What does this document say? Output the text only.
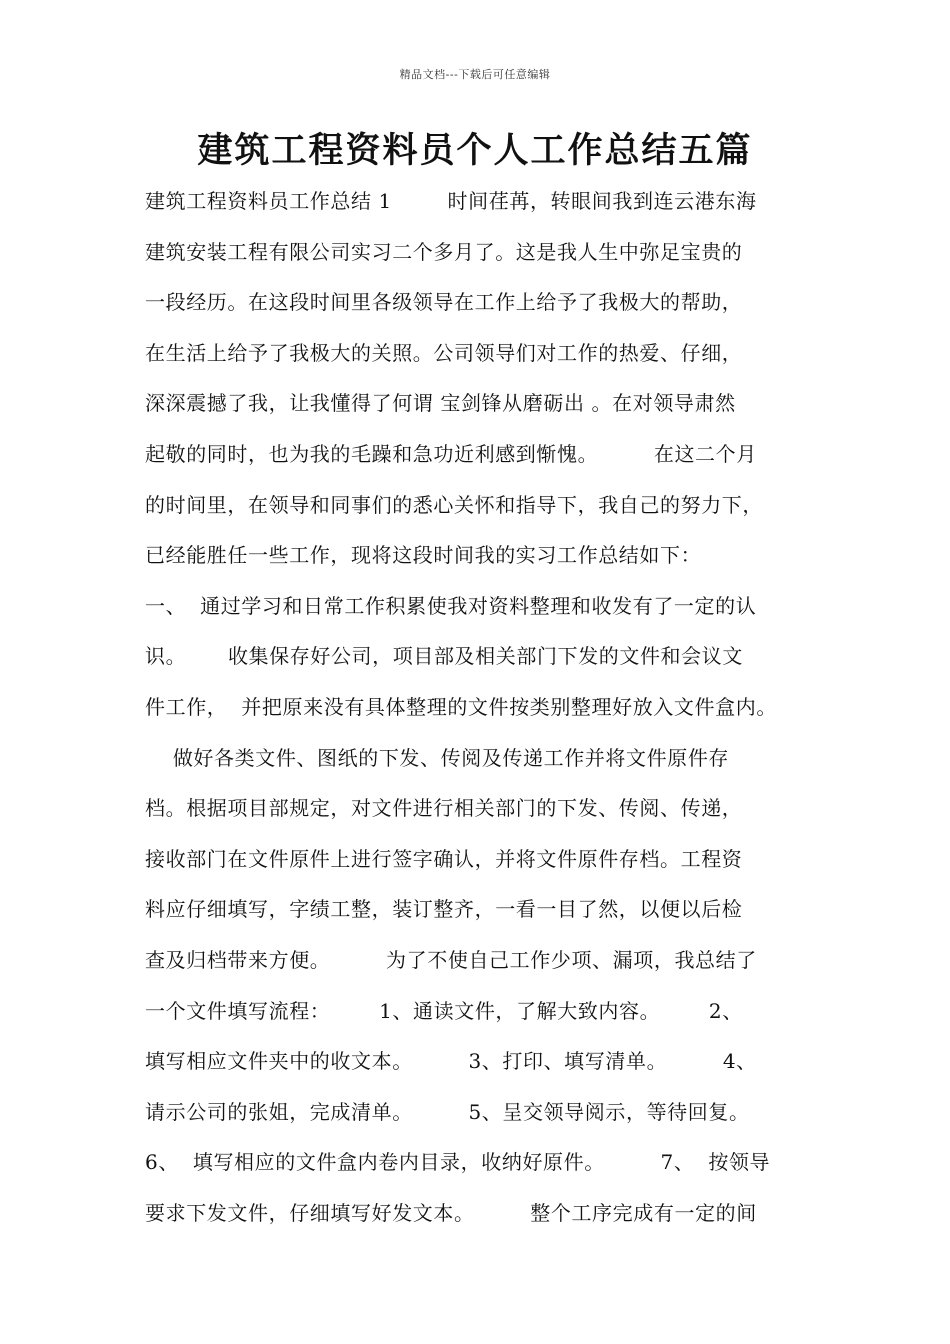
精品文档---下载后可任意编辑
建筑工程资料员个人工作总结五篇
建筑工程资料员工作总结 1        时间荏苒，转眼间我到连云港东海
建筑安装工程有限公司实习二个多月了。这是我人生中弥足宝贵的
一段经历。在这段时间里各级领导在工作上给予了我极大的帮助，
在生活上给予了我极大的关照。公司领导们对工作的热爱、仔细，
深深震撼了我，让我懂得了何谓 宝剑锋从磨砺出 。在对领导肃然
起敬的同时，也为我的毛躁和急功近利感到惭愧。        在这二个月
的时间里，在领导和同事们的悉心关怀和指导下，我自己的努力下，
已经能胜任一些工作，现将这段时间我的实习工作总结如下：
一、  通过学习和日常工作积累使我对资料整理和收发有了一定的认
识。      收集保存好公司，项目部及相关部门下发的文件和会议文
件工作，  并把原来没有具体整理的文件按类别整理好放入文件盒内。
做好各类文件、图纸的下发、传阅及传递工作并将文件原件存
档。根据项目部规定，对文件进行相关部门的下发、传阅、传递，
接收部门在文件原件上进行签字确认，并将文件原件存档。工程资
料应仔细填写，字绩工整，装订整齐，一看一目了然，以便以后检
查及归档带来方便。        为了不使自己工作少项、漏项，我总结了
一个文件填写流程：       1、通读文件，了解大致内容。       2、
填写相应文件夹中的收文本。        3、打印、填写清单。        4、
请示公司的张姐，完成清单。        5、呈交领导阅示，等待回复。
6、  填写相应的文件盒内卷内目录，收纳好原件。        7、  按领导
要求下发文件，仔细填写好发文本。        整个工序完成有一定的间
